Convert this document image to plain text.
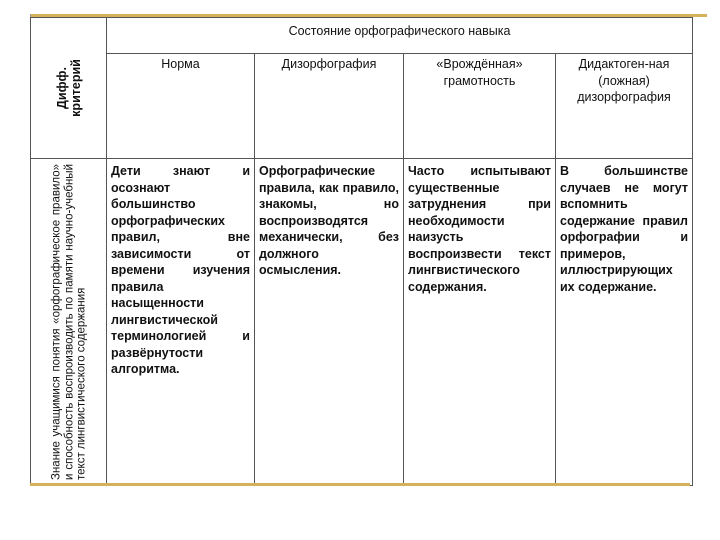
Дифф. критерий	Состояние орфографического навыка			
	Норма	Дизорфография	«Врождённая» грамотность	Дидактоген-ная (ложная) дизорфография

Знание учащимися понятия «орфографическое правило» и способность воспроизводить по памяти научно-учебный текст лингвистического содержания	Дети знают и осознают большинство орфографических правил, вне зависимости от времени изучения правила насыщенности лингвистической терминологией и развёрнутости алгоритма.	Орфографические правила, как правило, знакомы, но воспроизводятся механически, без должного осмысления.	Часто испытывают существенные затруднения при необходимости наизусть воспроизвести текст лингвистического содержания.	В большинстве случаев не могут вспомнить содержание правил орфографии и примеров, иллюстрирующих их содержание.
